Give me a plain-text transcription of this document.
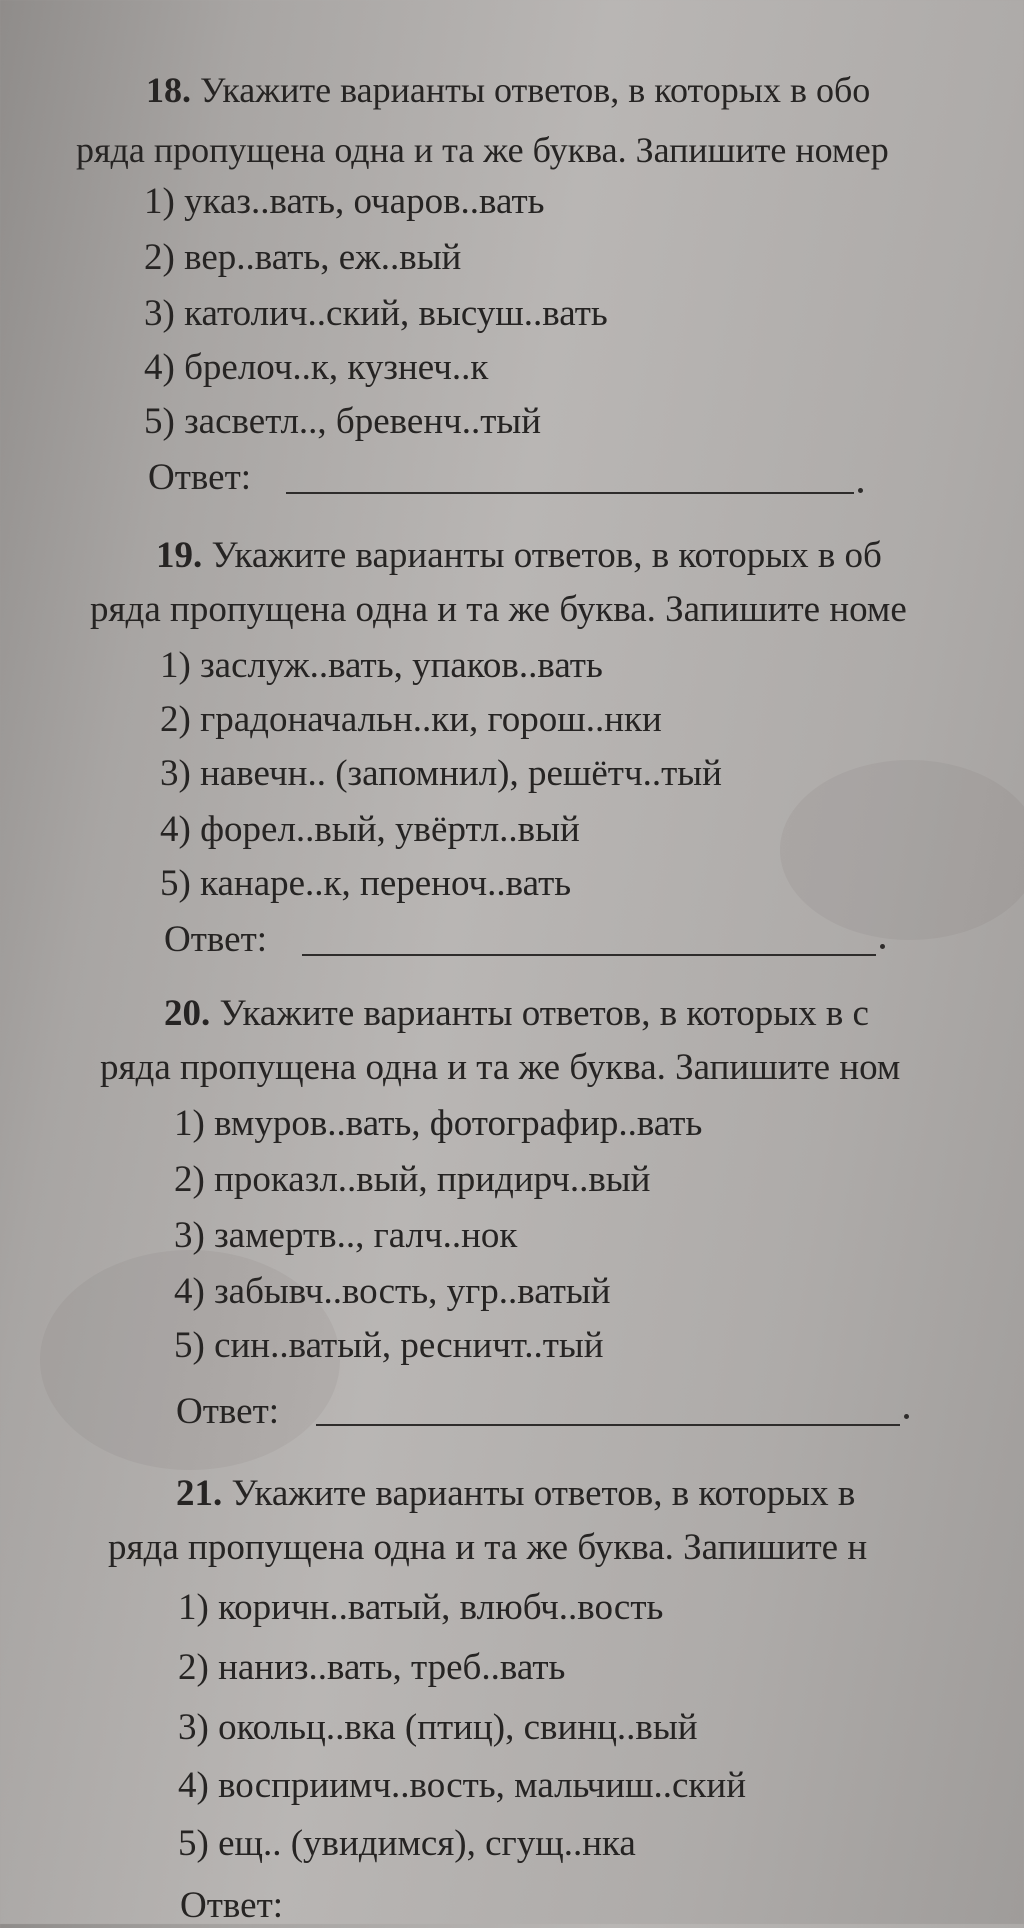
18. Укажите варианты ответов, в которых в обо
ряда пропущена одна и та же буква. Запишите номер
1) указ..вать, очаров..вать
2) вер..вать, еж..вый
3) католич..ский, высуш..вать
4) брелоч..к, кузнеч..к
5) засветл.., бревенч..тый
Ответ:
19. Укажите варианты ответов, в которых в об
ряда пропущена одна и та же буква. Запишите номе
1) заслуж..вать, упаков..вать
2) градоначальн..ки, горош..нки
3) навечн.. (запомнил), решётч..тый
4) форел..вый, увёртл..вый
5) канаре..к, переноч..вать
Ответ:
20. Укажите варианты ответов, в которых в с
ряда пропущена одна и та же буква. Запишите ном
1) вмуров..вать, фотографир..вать
2) проказл..вый, придирч..вый
3) замертв.., галч..нок
4) забывч..вость, угр..ватый
5) син..ватый, ресничт..тый
Ответ:
21. Укажите варианты ответов, в которых в
ряда пропущена одна и та же буква. Запишите н
1) коричн..ватый, влюбч..вость
2) наниз..вать, треб..вать
3) окольц..вка (птиц), свинц..вый
4) восприимч..вость, мальчиш..ский
5) ещ.. (увидимся), сгущ..нка
Ответ:
